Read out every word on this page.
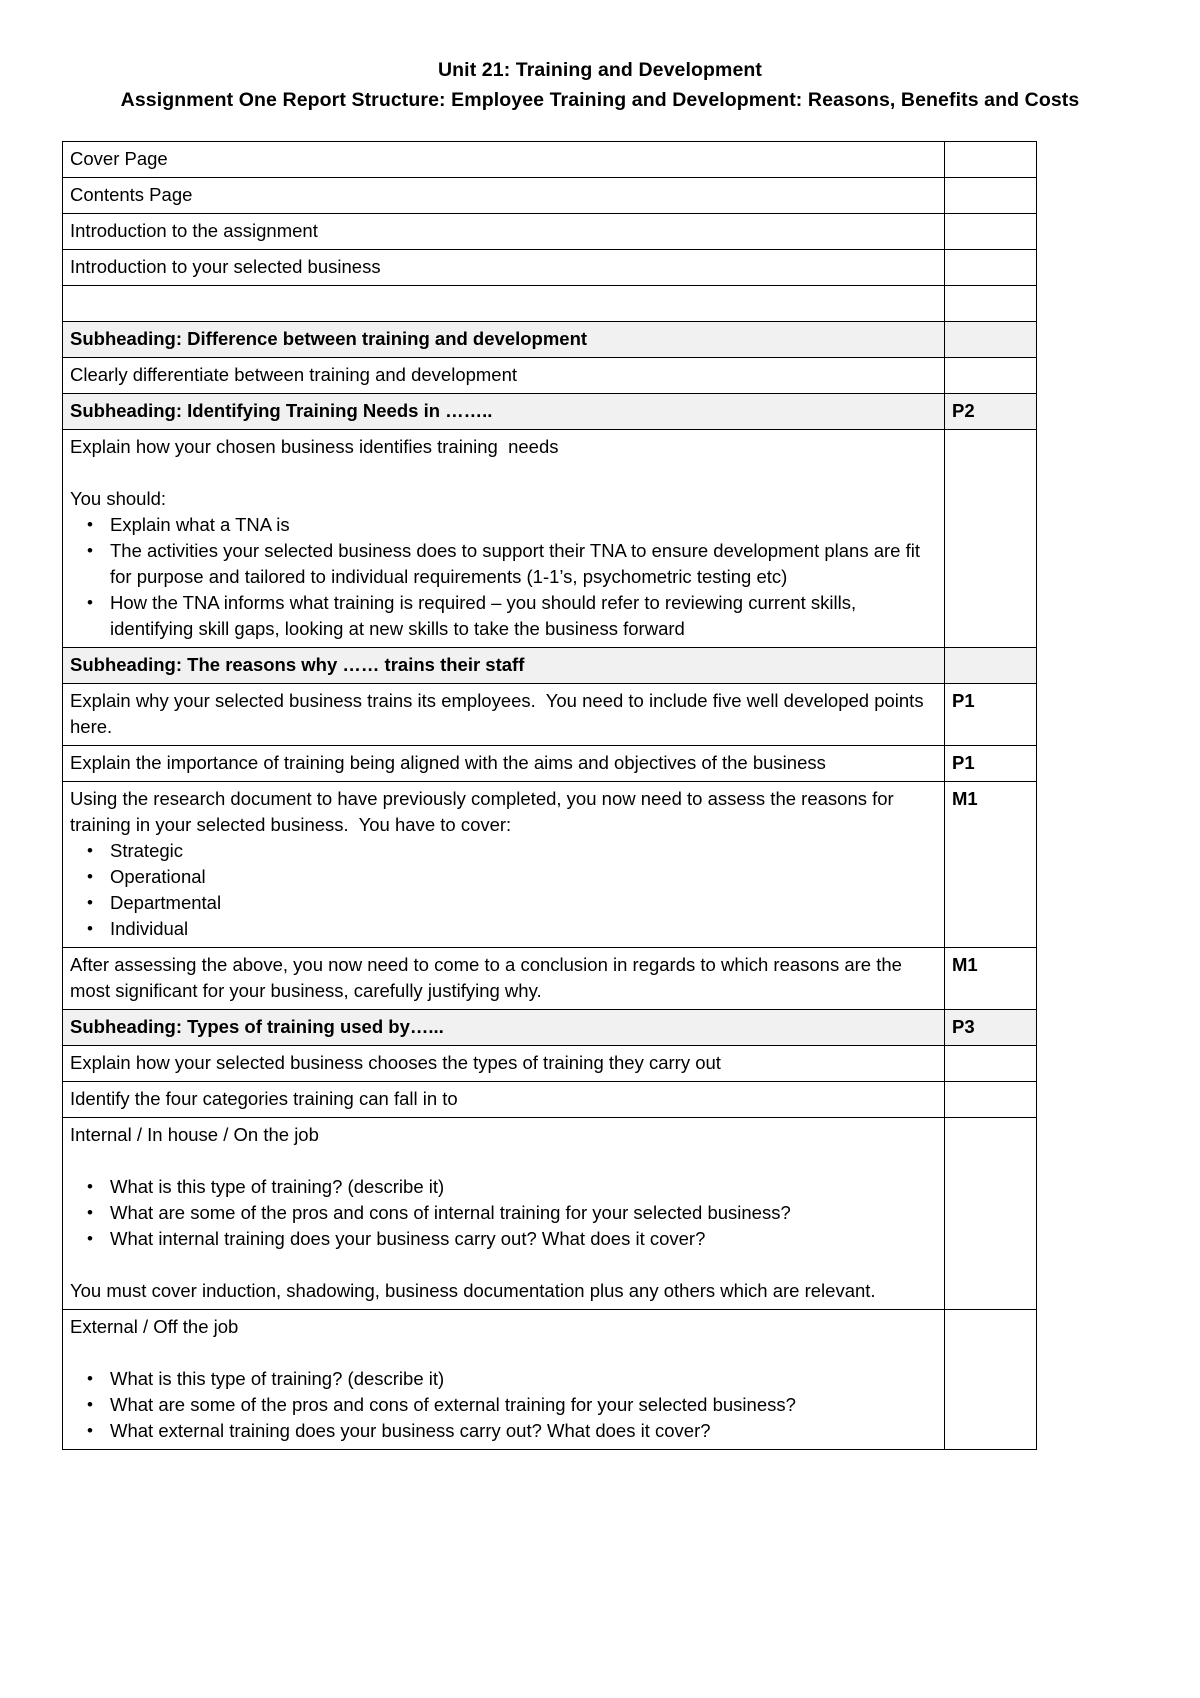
Unit 21: Training and Development
Assignment One Report Structure: Employee Training and Development: Reasons, Benefits and Costs
Cover Page	

Contents Page	

Introduction to the assignment	

Introduction to your selected business	

Subheading: Difference between training and development	

Clearly differentiate between training and development	

Subheading: Identifying Training Needs in ……..	P2

Explain how your chosen business identifies training  needs
You should:
• Explain what a TNA is
• The activities your selected business does to support their TNA to ensure development plans are fit for purpose and tailored to individual requirements (1-1’s, psychometric testing etc)
• How the TNA informs what training is required – you should refer to reviewing current skills, identifying skill gaps, looking at new skills to take the business forward

Subheading: The reasons why …… trains their staff	

Explain why your selected business trains its employees.  You need to include five well developed points here.	P1

Explain the importance of training being aligned with the aims and objectives of the business	P1

Using the research document to have previously completed, you now need to assess the reasons for training in your selected business.  You have to cover:
• Strategic
• Operational
• Departmental
• Individual
	M1

After assessing the above, you now need to come to a conclusion in regards to which reasons are the most significant for your business, carefully justifying why.	M1

Subheading: Types of training used by…...	P3

Explain how your selected business chooses the types of training they carry out	

Identify the four categories training can fall in to	

Internal / In house / On the job
• What is this type of training? (describe it)
• What are some of the pros and cons of internal training for your selected business?
• What internal training does your business carry out? What does it cover?
You must cover induction, shadowing, business documentation plus any others which are relevant.

External / Off the job
• What is this type of training? (describe it)
• What are some of the pros and cons of external training for your selected business?
• What external training does your business carry out? What does it cover?
